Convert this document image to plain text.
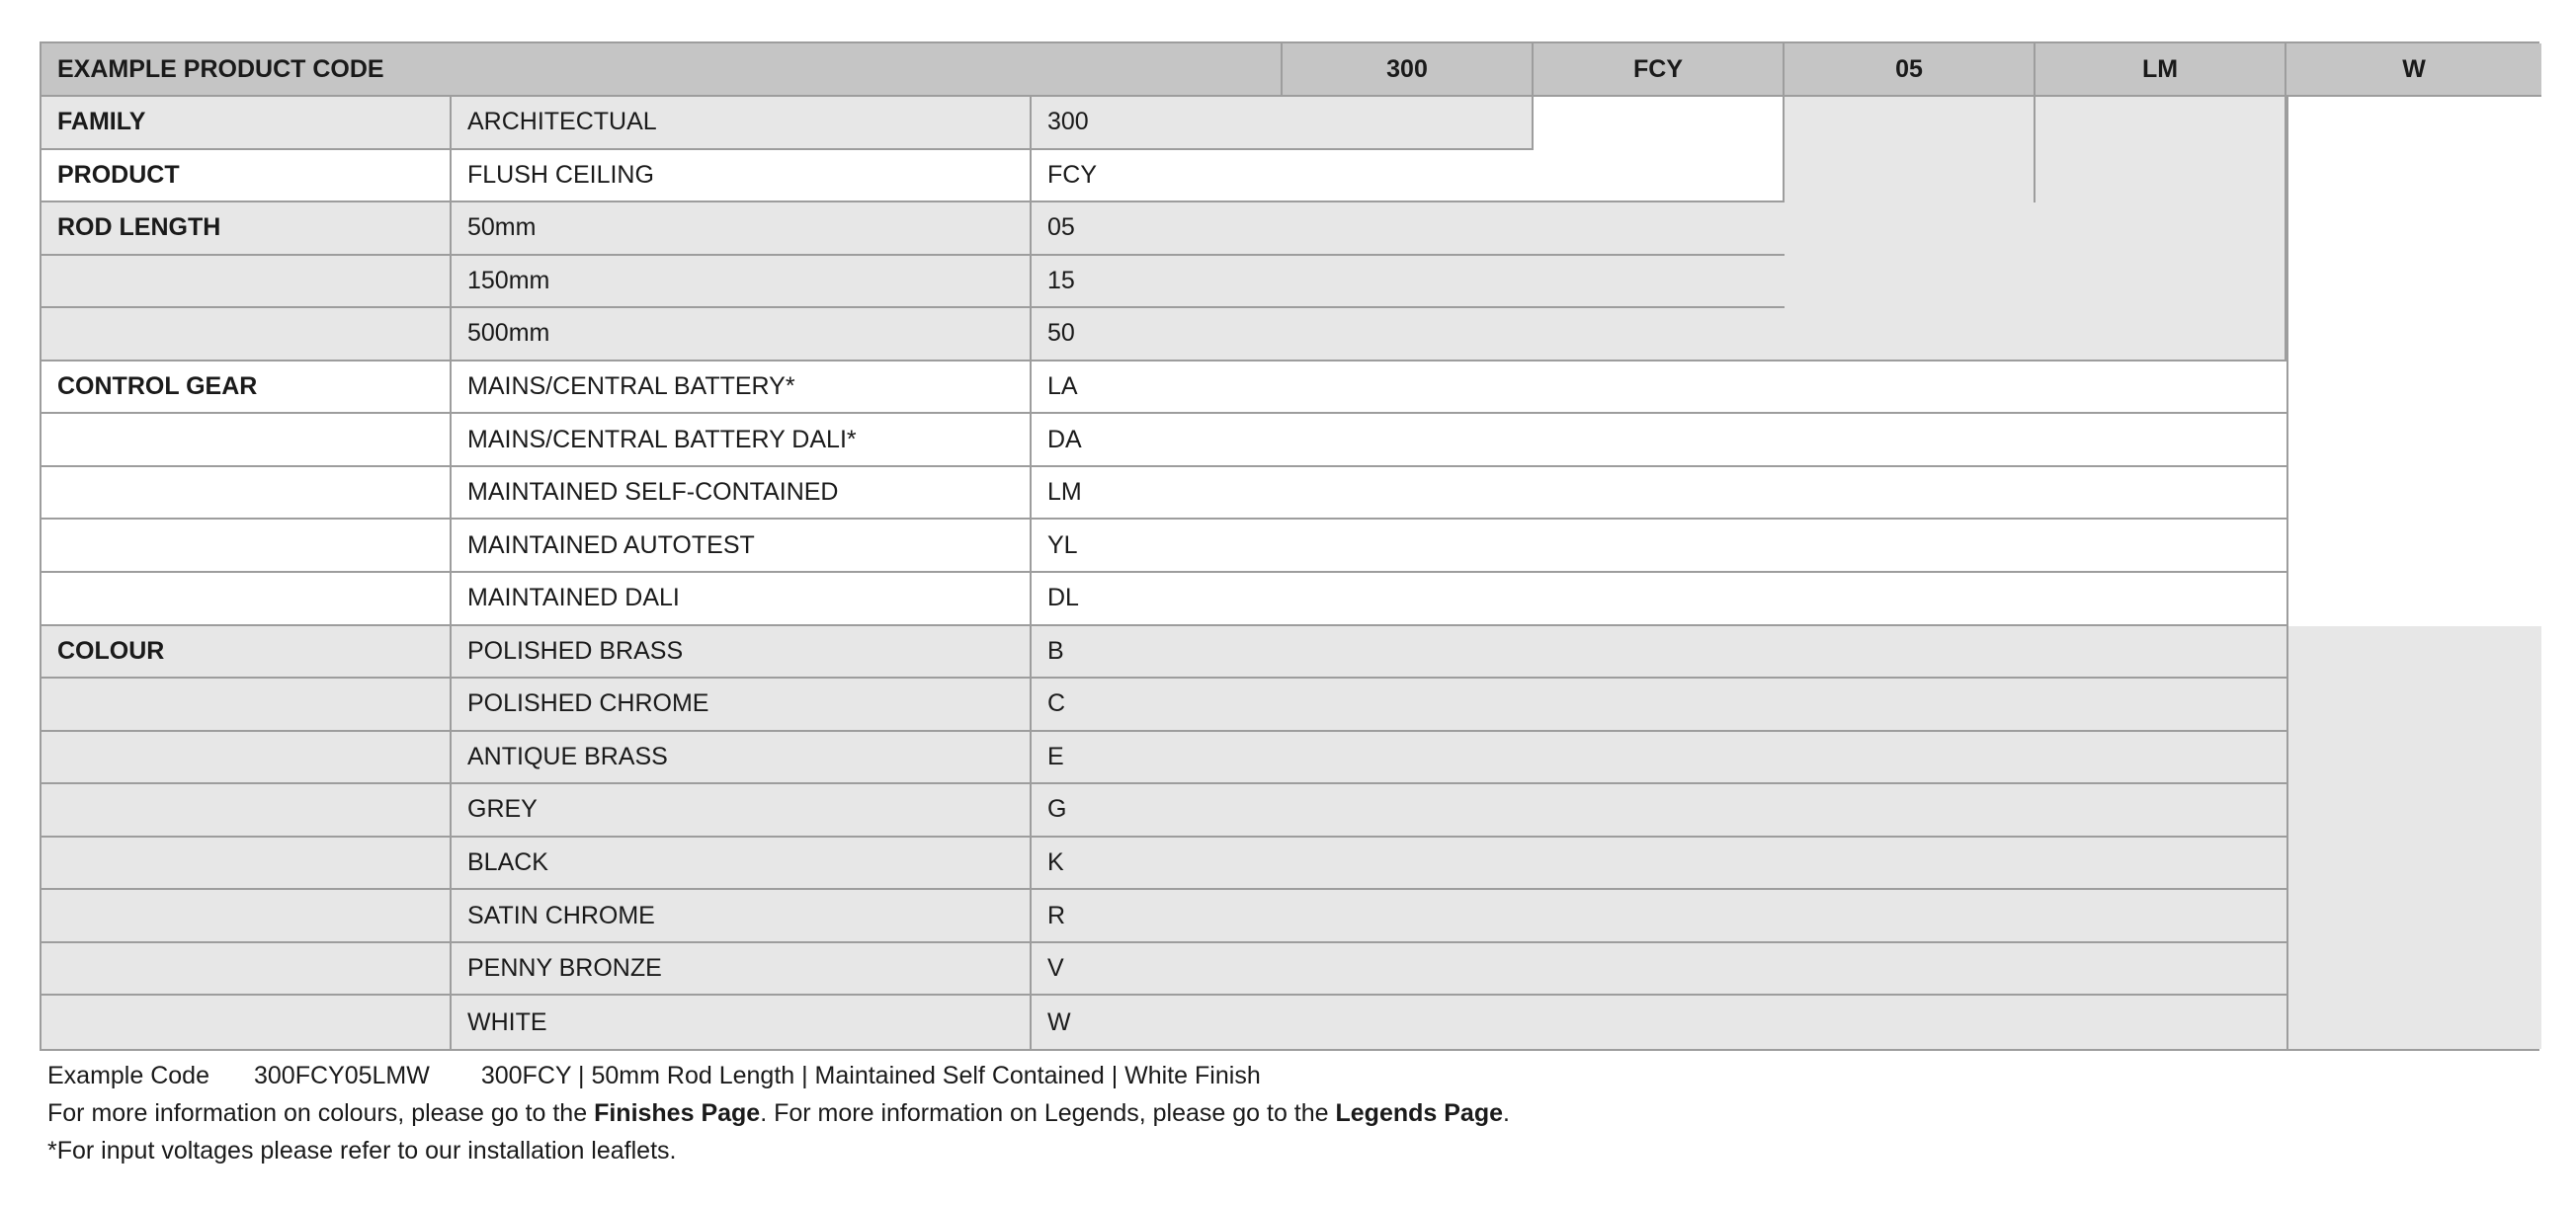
EXAMPLE PRODUCT CODE	300	FCY	05	LM	W
FAMILY	ARCHITECTUAL	300
PRODUCT	FLUSH CEILING	FCY
ROD LENGTH	50mm	05
150mm	15
500mm	50
CONTROL GEAR	MAINS/CENTRAL BATTERY*	LA
MAINS/CENTRAL BATTERY DALI*	DA
MAINTAINED SELF-CONTAINED	LM
MAINTAINED AUTOTEST	YL
MAINTAINED DALI	DL
COLOUR	POLISHED BRASS	B
POLISHED CHROME	C
ANTIQUE BRASS	E
GREY	G
BLACK	K
SATIN CHROME	R
PENNY BRONZE	V
WHITE	W
Example Code 300FCY05LMW 300FCY | 50mm Rod Length | Maintained Self Contained | White Finish
For more information on colours, please go to the Finishes Page. For more information on Legends, please go to the Legends Page.
*For input voltages please refer to our installation leaflets.
